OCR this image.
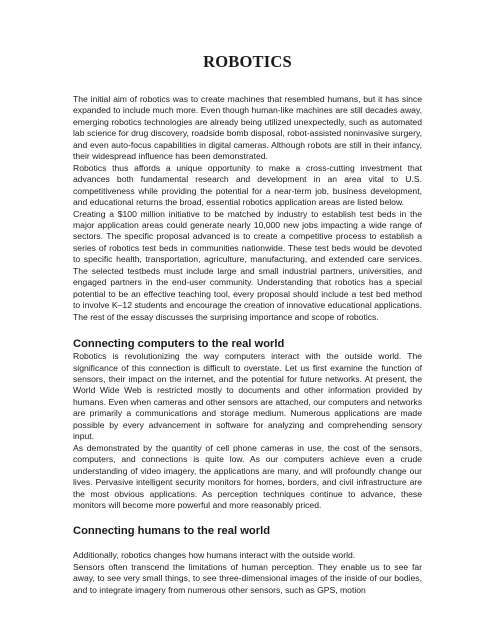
ROBOTICS

The initial aim of robotics was to create machines that resembled humans, but it has since expanded to include much more. Even though human-like machines are still decades away, emerging robotics technologies are already being utilized unexpectedly, such as automated lab science for drug discovery, roadside bomb disposal, robot-assisted noninvasive surgery, and even auto-focus capabilities in digital cameras. Although robots are still in their infancy, their widespread influence has been demonstrated.

Robotics thus affords a unique opportunity to make a cross-cutting investment that advances both fundamental research and development in an area vital to U.S. competitiveness while providing the potential for a near-term job, business development, and educational returns the broad, essential robotics application areas are listed below.

Creating a $100 million initiative to be matched by industry to establish test beds in the major application areas could generate nearly 10,000 new jobs impacting a wide range of sectors. The specific proposal advanced is to create a competitive process to establish a series of robotics test beds in communities nationwide. These test beds would be devoted to specific health, transportation, agriculture, manufacturing, and extended care services. The selected testbeds must include large and small industrial partners, universities, and engaged partners in the end-user community. Understanding that robotics has a special potential to be an effective teaching tool, every proposal should include a test bed method to involve K–12 students and encourage the creation of innovative educational applications. The rest of the essay discusses the surprising importance and scope of robotics.

Connecting computers to the real world

Robotics is revolutionizing the way computers interact with the outside world. The significance of this connection is difficult to overstate. Let us first examine the function of sensors, their impact on the internet, and the potential for future networks. At present, the World Wide Web is restricted mostly to documents and other information provided by humans. Even when cameras and other sensors are attached, our computers and networks are primarily a communications and storage medium. Numerous applications are made possible by every advancement in software for analyzing and comprehending sensory input.

As demonstrated by the quantity of cell phone cameras in use, the cost of the sensors, computers, and connections is quite low. As our computers achieve even a crude understanding of video imagery, the applications are many, and will profoundly change our lives. Pervasive intelligent security monitors for homes, borders, and civil infrastructure are the most obvious applications. As perception techniques continue to advance, these monitors will become more powerful and more reasonably priced.

Connecting humans to the real world

Additionally, robotics changes how humans interact with the outside world.

Sensors often transcend the limitations of human perception. They enable us to see far away, to see very small things, to see three-dimensional images of the inside of our bodies, and to integrate imagery from numerous other sensors, such as GPS, motion
